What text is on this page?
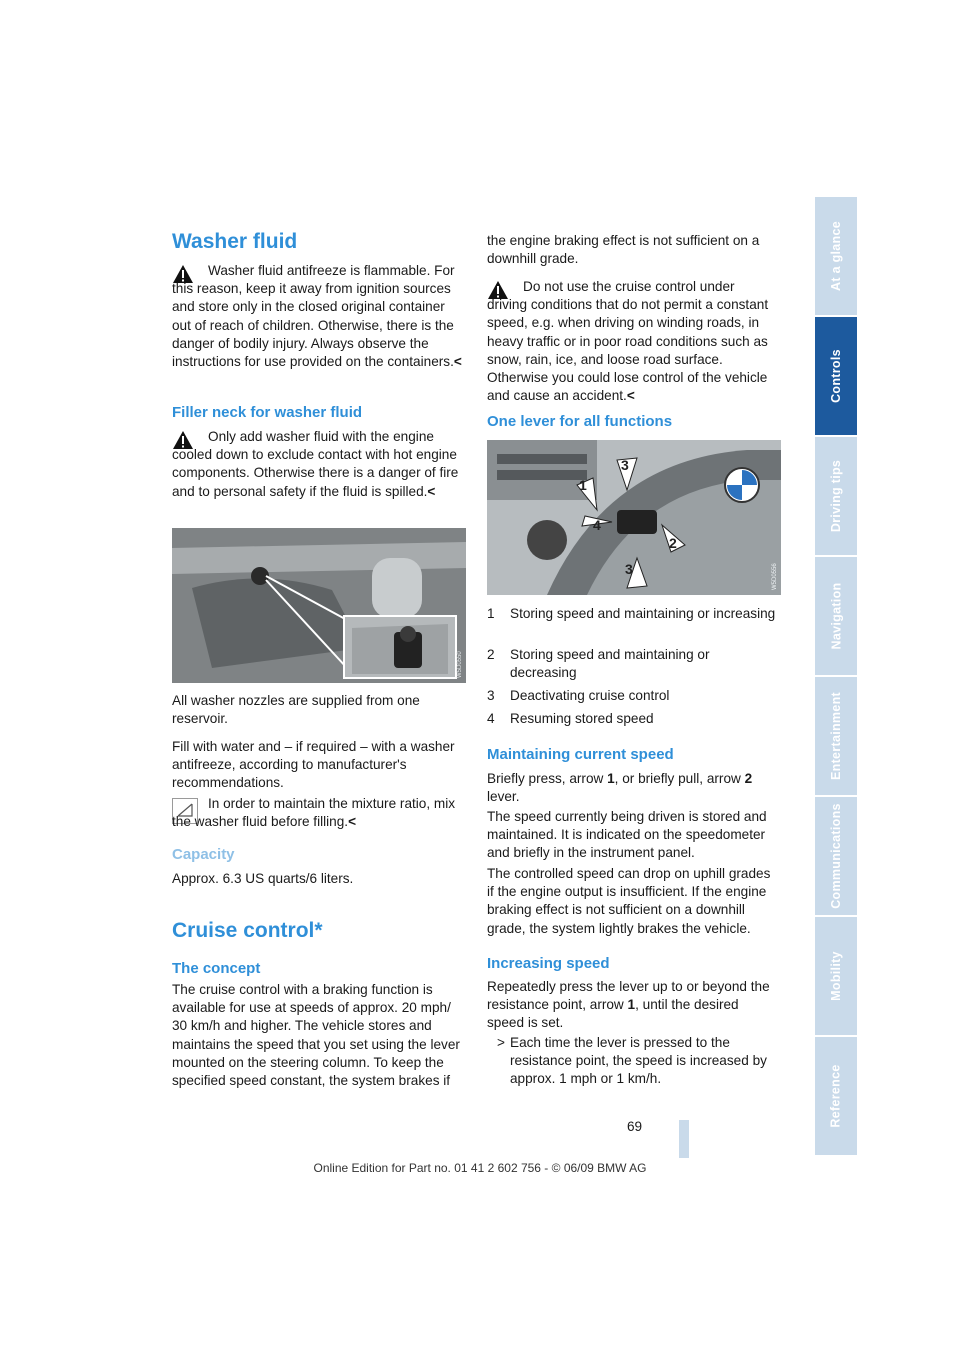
Washer fluid

Washer fluid antifreeze is flammable. For this reason, keep it away from ignition sources and store only in the closed original container out of reach of children. Otherwise, there is the danger of bodily injury. Always observe the instructions for use provided on the containers.<

Filler neck for washer fluid

Only add washer fluid with the engine cooled down to exclude contact with hot engine components. Otherwise there is a danger of fire and to personal safety if the fluid is spilled.<

W5D0550

All washer nozzles are supplied from one reservoir.

Fill with water and – if required – with a washer antifreeze, according to manufacturer's recommendations.

In order to maintain the mixture ratio, mix the washer fluid before filling.<

Capacity

Approx. 6.3 US quarts/6 liters.

Cruise control*
The concept

The cruise control with a braking function is available for use at speeds of approx. 20 mph/ 30 km/h and higher. The vehicle stores and maintains the speed that you set using the lever mounted on the steering column. To keep the specified speed constant, the system brakes if

the engine braking effect is not sufficient on a downhill grade.

Do not use the cruise control under driving conditions that do not permit a constant speed, e.g. when driving on winding roads, in heavy traffic or in poor road conditions such as snow, rain, ice, and loose road surface. Otherwise you could lose control of the vehicle and cause an accident.<

One lever for all functions
3
1
4
2
3	W5D0556
1	Storing speed and maintaining or increasing
2	Storing speed and maintaining or decreasing
3	Deactivating cruise control
4	Resuming stored speed
Maintaining current speed

Briefly press, arrow 1, or briefly pull, arrow 2 lever.

The speed currently being driven is stored and maintained. It is indicated on the speedometer and briefly in the instrument panel.

The controlled speed can drop on uphill grades if the engine output is insufficient. If the engine braking effect is not sufficient on a downhill grade, the system lightly brakes the vehicle.

Increasing speed

Repeatedly press the lever up to or beyond the resistance point, arrow 1, until the desired speed is set.

> Each time the lever is pressed to the resistance point, the speed is increased by approx. 1 mph or 1 km/h.
At a glance
Controls
Driving tips
Navigation
Entertainment
Communications
Mobility
Reference
69
Online Edition for Part no. 01 41 2 602 756 - © 06/09 BMW AG
